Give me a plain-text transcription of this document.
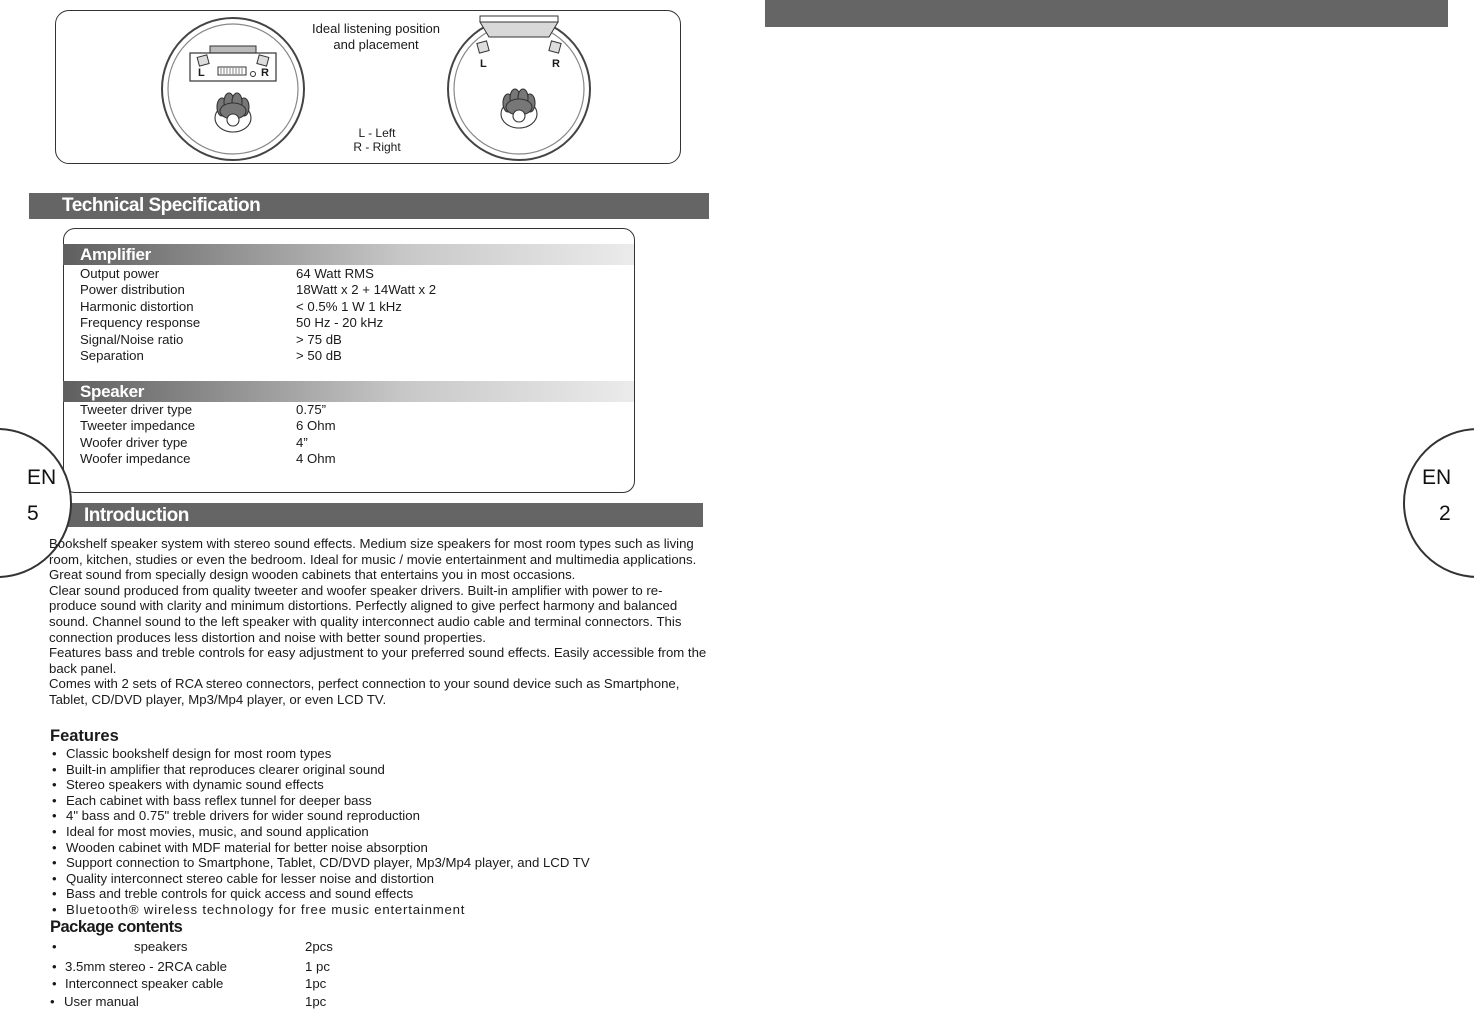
L	R
L	R
Ideal listening position
and placement
L - Left
R - Right
Technical Specification
Amplifier
Output power	64 Watt RMS
Power distribution	18Watt x 2 + 14Watt x 2
Harmonic distortion	< 0.5% 1 W 1 kHz
Frequency response	50 Hz - 20 kHz
Signal/Noise ratio	> 75 dB
Separation	> 50 dB
Speaker
Tweeter driver type	0.75”
Tweeter impedance	6 Ohm
Woofer driver type	4”
Woofer impedance	4 Ohm
Introduction
EN
5
EN
2

Bookshelf speaker system with stereo sound effects. Medium size speakers for most room types such as living room, kitchen, studies or even the bedroom. Ideal for music / movie entertainment and multimedia applications. Great sound from specially design wooden cabinets that entertains you in most occasions.

Clear sound produced from quality tweeter and woofer speaker drivers. Built-in amplifier with power to re-produce sound with clarity and minimum distortions. Perfectly aligned to give perfect harmony and balanced sound. Channel sound to the left speaker with quality interconnect audio cable and terminal connectors. This connection produces less distortion and noise with better sound properties.

Features bass and treble controls for easy adjustment to your preferred sound effects. Easily accessible from the back panel.

Comes with 2 sets of RCA stereo connectors, perfect connection to your sound device such as Smartphone, Tablet, CD/DVD player, Mp3/Mp4 player, or even LCD TV.

Features
• Classic bookshelf design for most room types
• Built-in amplifier that reproduces clearer original sound
• Stereo speakers with dynamic sound effects
• Each cabinet with bass reflex tunnel for deeper bass
• 4" bass and 0.75" treble drivers for wider sound reproduction
• Ideal for most movies, music, and sound application
• Wooden cabinet with MDF material for better noise absorption
• Support connection to Smartphone, Tablet, CD/DVD player, Mp3/Mp4 player, and LCD TV
• Quality interconnect stereo cable for lesser noise and distortion
• Bass and treble controls for quick access and sound effects
• Bluetooth® wireless technology for free music entertainment
Package contents
•	speakers	2pcs
• 3.5mm stereo - 2RCA cable	1 pc
• Interconnect speaker cable	1pc
• User manual	1pc
